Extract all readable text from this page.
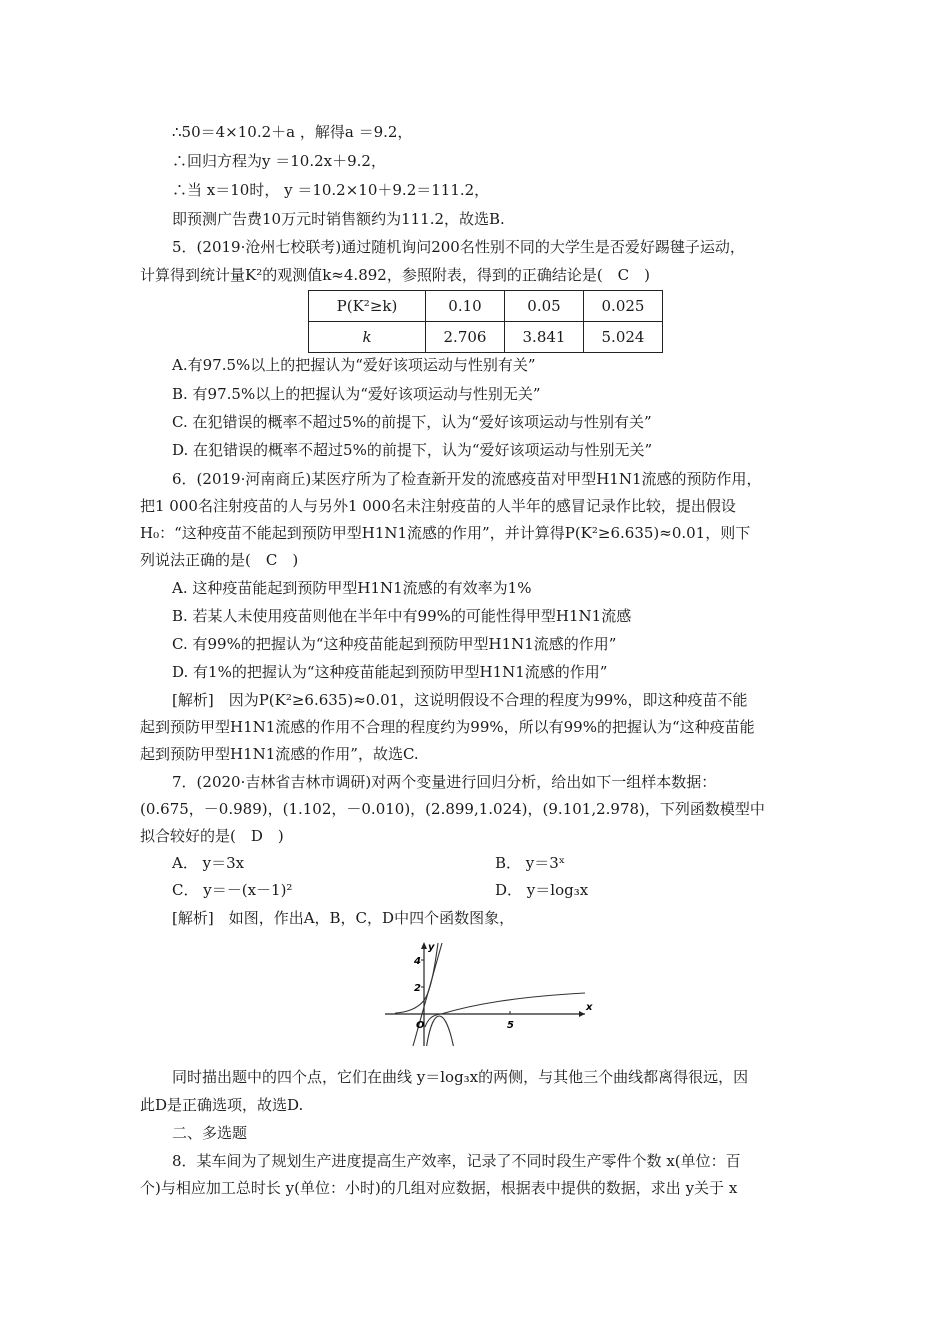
∴50＝4×10.2＋a ，解得a ＝9.2，
∴回归方程为y ＝10.2x＋9.2，
∴当 x＝10时， y ＝10.2×10＋9.2＝111.2，
即预测广告费10万元时销售额约为111.2，故选B.
5．(2019·沧州七校联考)通过随机询问200名性别不同的大学生是否爱好踢毽子运动，
计算得到统计量K²的观测值k≈4.892，参照附表，得到的正确结论是(　C　)
P(K²≥k)	0.10	0.05	0.025
k	2.706	3.841	5.024
A.有97.5%以上的把握认为“爱好该项运动与性别有关”
B. 有97.5%以上的把握认为“爱好该项运动与性别无关”
C. 在犯错误的概率不超过5%的前提下，认为“爱好该项运动与性别有关”
D. 在犯错误的概率不超过5%的前提下，认为“爱好该项运动与性别无关”
6．(2019·河南商丘)某医疗所为了检查新开发的流感疫苗对甲型H1N1流感的预防作用，
把1 000名注射疫苗的人与另外1 000名未注射疫苗的人半年的感冒记录作比较，提出假设
H₀：“这种疫苗不能起到预防甲型H1N1流感的作用”，并计算得P(K²≥6.635)≈0.01，则下
列说法正确的是(　C　)
A. 这种疫苗能起到预防甲型H1N1流感的有效率为1%
B. 若某人未使用疫苗则他在半年中有99%的可能性得甲型H1N1流感
C. 有99%的把握认为“这种疫苗能起到预防甲型H1N1流感的作用”
D. 有1%的把握认为“这种疫苗能起到预防甲型H1N1流感的作用”
[解析]　因为P(K²≥6.635)≈0.01，这说明假设不合理的程度为99%，即这种疫苗不能
起到预防甲型H1N1流感的作用不合理的程度约为99%，所以有99%的把握认为“这种疫苗能
起到预防甲型H1N1流感的作用”，故选C.
7．(2020·吉林省吉林市调研)对两个变量进行回归分析，给出如下一组样本数据：
(0.675，－0.989)，(1.102，－0.010)，(2.899,1.024)，(9.101,2.978)，下列函数模型中
拟合较好的是(　D　)
A． y＝3x	B． y＝3ˣ
C． y＝－(x－1)²	D． y＝log₃x
[解析]　如图，作出A，B，C，D中四个函数图象，
y
x
O
4
2
5
同时描出题中的四个点，它们在曲线 y＝log₃x的两侧，与其他三个曲线都离得很远，因
此D是正确选项，故选D.
二、多选题
8．某车间为了规划生产进度提高生产效率，记录了不同时段生产零件个数 x(单位：百
个)与相应加工总时长 y(单位：小时)的几组对应数据，根据表中提供的数据，求出 y关于 x
